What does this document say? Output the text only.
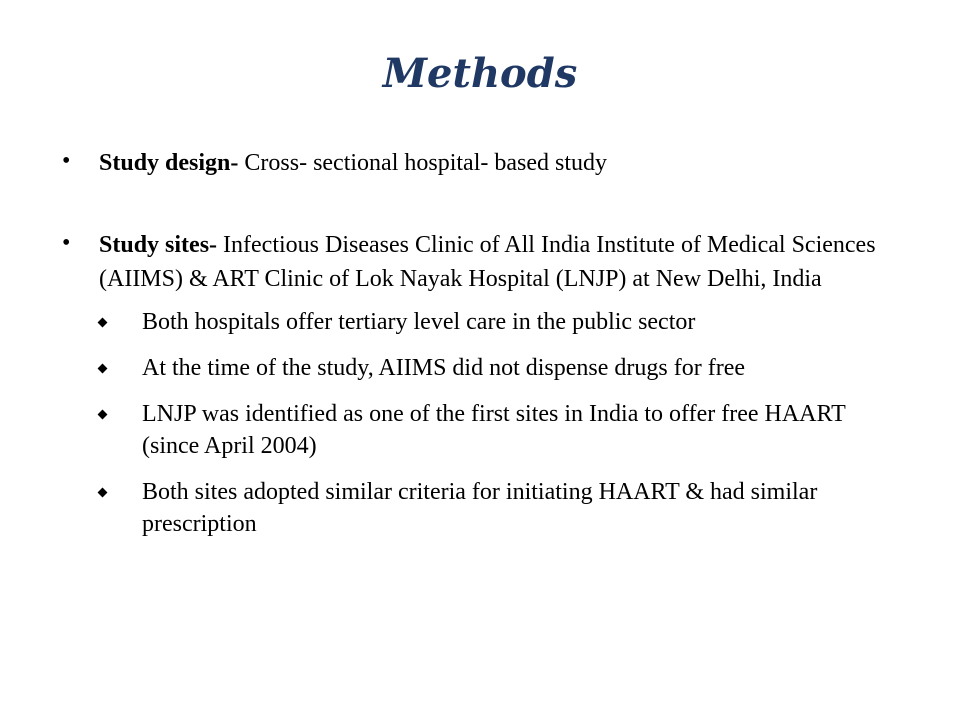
Methods
• Study design- Cross- sectional hospital- based study
• Study sites- Infectious Diseases Clinic of All India Institute of Medical Sciences (AIIMS) & ART Clinic of Lok Nayak Hospital (LNJP) at New Delhi, India
Both hospitals offer tertiary level care in the public sector
At the time of the study, AIIMS did not dispense drugs for free
LNJP was identified as one of the first sites in India to offer free HAART (since April 2004)
Both sites adopted similar criteria for initiating HAART & had similar prescription
